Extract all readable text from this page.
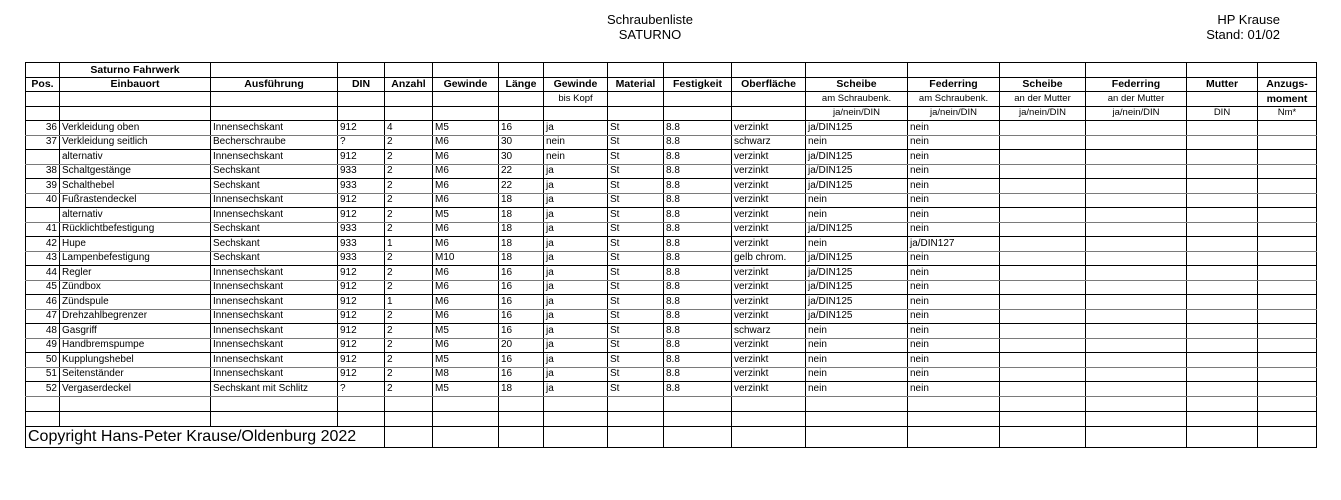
Schraubenliste
SATURNO
HP Krause
Stand: 01/02
	Saturno Fahrwerk															
Pos.	Einbauort	Ausführung	DIN	Anzahl	Gewinde	Länge	Gewinde	Material	Festigkeit	Oberfläche	Scheibe	Federring	Scheibe	Federring	Mutter	Anzugs-
							bis Kopf				am Schraubenk.	am Schraubenk.	an der Mutter	an der Mutter		moment
											ja/nein/DIN	ja/nein/DIN	ja/nein/DIN	ja/nein/DIN	DIN	Nm*
36	Verkleidung oben	Innensechskant	912	4	M5	16	ja	St	8.8	verzinkt	ja/DIN125	nein				
37	Verkleidung seitlich	Becherschraube	?	2	M6	30	nein	St	8.8	schwarz	nein	nein				
	alternativ	Innensechskant	912	2	M6	30	nein	St	8.8	verzinkt	ja/DIN125	nein				
38	Schaltgestänge	Sechskant	933	2	M6	22	ja	St	8.8	verzinkt	ja/DIN125	nein				
39	Schalthebel	Sechskant	933	2	M6	22	ja	St	8.8	verzinkt	ja/DIN125	nein				
40	Fußrastendeckel	Innensechskant	912	2	M6	18	ja	St	8.8	verzinkt	nein	nein				
	alternativ	Innensechskant	912	2	M5	18	ja	St	8.8	verzinkt	nein	nein				
41	Rücklichtbefestigung	Sechskant	933	2	M6	18	ja	St	8.8	verzinkt	ja/DIN125	nein				
42	Hupe	Sechskant	933	1	M6	18	ja	St	8.8	verzinkt	nein	ja/DIN127				
43	Lampenbefestigung	Sechskant	933	2	M10	18	ja	St	8.8	gelb chrom.	ja/DIN125	nein				
44	Regler	Innensechskant	912	2	M6	16	ja	St	8.8	verzinkt	ja/DIN125	nein				
45	Zündbox	Innensechskant	912	2	M6	16	ja	St	8.8	verzinkt	ja/DIN125	nein				
46	Zündspule	Innensechskant	912	1	M6	16	ja	St	8.8	verzinkt	ja/DIN125	nein				
47	Drehzahlbegrenzer	Innensechskant	912	2	M6	16	ja	St	8.8	verzinkt	ja/DIN125	nein				
48	Gasgriff	Innensechskant	912	2	M5	16	ja	St	8.8	schwarz	nein	nein				
49	Handbremspumpe	Innensechskant	912	2	M6	20	ja	St	8.8	verzinkt	nein	nein				
50	Kupplungshebel	Innensechskant	912	2	M5	16	ja	St	8.8	verzinkt	nein	nein				
51	Seitenständer	Innensechskant	912	2	M8	16	ja	St	8.8	verzinkt	nein	nein				
52	Vergaserdeckel	Sechskant mit Schlitz	?	2	M5	18	ja	St	8.8	verzinkt	nein	nein				

Copyright Hans-Peter Krause/Oldenburg 2022																
